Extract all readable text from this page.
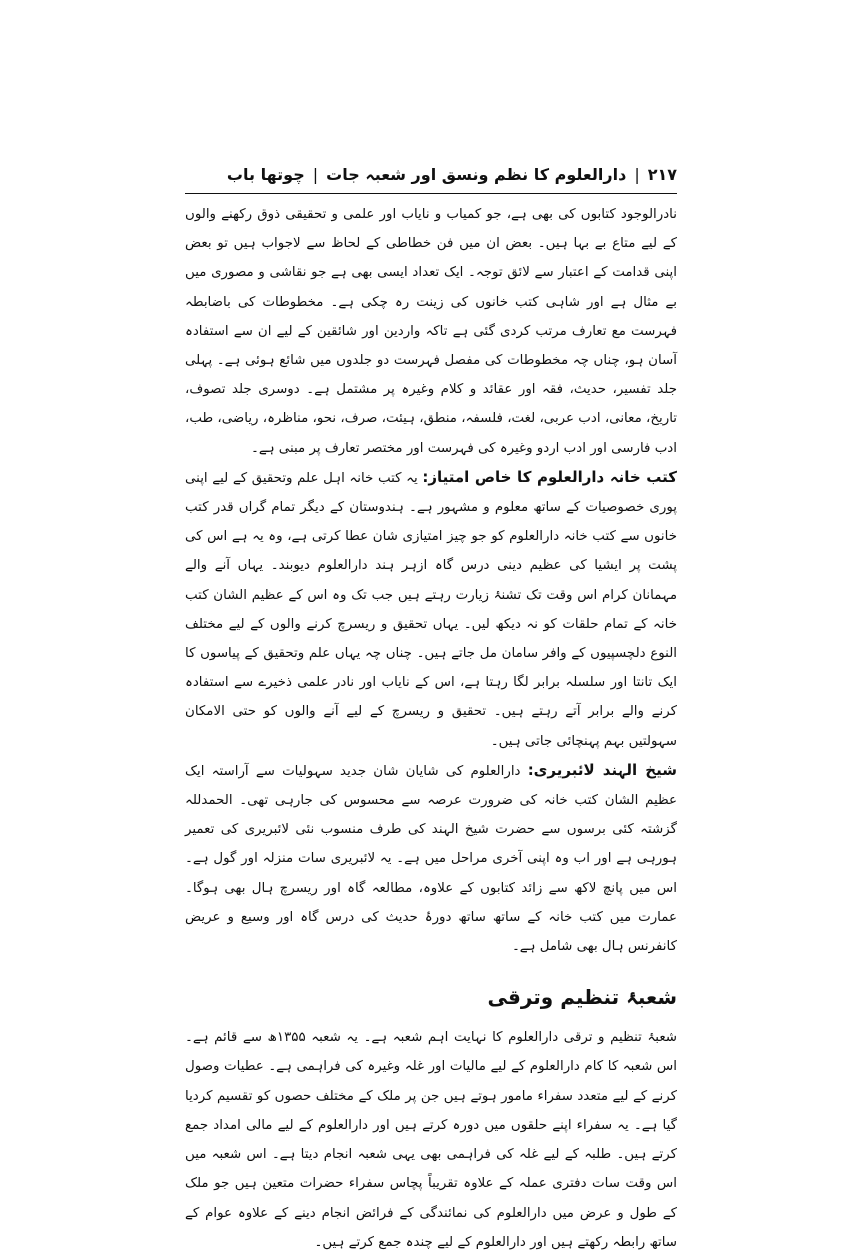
۲۱۷
|
دارالعلوم کا نظم ونسق اور شعبہ جات
|
چوتھا باب

نادرالوجود کتابوں کی بھی ہے، جو کمیاب و نایاب اور علمی و تحقیقی ذوق رکھنے والوں کے لیے متاع بے بہا ہیں۔ بعض ان میں فن خطاطی کے لحاظ سے لاجواب ہیں تو بعض اپنی قدامت کے اعتبار سے لائق توجہ۔ ایک تعداد ایسی بھی ہے جو نقاشی و مصوری میں بے مثال ہے اور شاہی کتب خانوں کی زینت رہ چکی ہے۔ مخطوطات کی باضابطہ فہرست مع تعارف مرتب کردی گئی ہے تاکہ واردین اور شائقین کے لیے ان سے استفادہ آسان ہو، چناں چہ مخطوطات کی مفصل فہرست دو جلدوں میں شائع ہوئی ہے۔ پہلی جلد تفسیر، حدیث، فقہ اور عقائد و کلام وغیرہ پر مشتمل ہے۔ دوسری جلد تصوف، تاریخ، معانی، ادب عربی، لغت، فلسفہ، منطق، ہیئت، صرف، نحو، مناظرہ، ریاضی، طب، ادب فارسی اور ادب اردو وغیرہ کی فہرست اور مختصر تعارف پر مبنی ہے۔

کتب خانہ دارالعلوم کا خاص امتیاز: یہ کتب خانہ اہل علم وتحقیق کے لیے اپنی پوری خصوصیات کے ساتھ معلوم و مشہور ہے۔ ہندوستان کے دیگر تمام گراں قدر کتب خانوں سے کتب خانہ دارالعلوم کو جو چیز امتیازی شان عطا کرتی ہے، وہ یہ ہے اس کی پشت پر ایشیا کی عظیم دینی درس گاہ ازہر ہند دارالعلوم دیوبند۔ یہاں آنے والے مہمانان کرام اس وقت تک تشنۂ زیارت رہتے ہیں جب تک وہ اس کے عظیم الشان کتب خانہ کے تمام حلقات کو نہ دیکھ لیں۔ یہاں تحقیق و ریسرچ کرنے والوں کے لیے مختلف النوع دلچسپیوں کے وافر سامان مل جاتے ہیں۔ چناں چہ یہاں علم وتحقیق کے پیاسوں کا ایک تانتا اور سلسلہ برابر لگا رہتا ہے، اس کے نایاب اور نادر علمی ذخیرے سے استفادہ کرنے والے برابر آتے رہتے ہیں۔ تحقیق و ریسرچ کے لیے آنے والوں کو حتی الامکان سہولتیں بہم پہنچائی جاتی ہیں۔

شیخ الہند لائبریری: دارالعلوم کی شایان شان جدید سہولیات سے آراستہ ایک عظیم الشان کتب خانہ کی ضرورت عرصہ سے محسوس کی جارہی تھی۔ الحمدللہ گزشتہ کئی برسوں سے حضرت شیخ الہند کی طرف منسوب نئی لائبریری کی تعمیر ہورہی ہے اور اب وہ اپنی آخری مراحل میں ہے۔ یہ لائبریری سات منزلہ اور گول ہے۔ اس میں پانچ لاکھ سے زائد کتابوں کے علاوہ، مطالعہ گاہ اور ریسرچ ہال بھی ہوگا۔ عمارت میں کتب خانہ کے ساتھ ساتھ دورۂ حدیث کی درس گاہ اور وسیع و عریض کانفرنس ہال بھی شامل ہے۔

شعبۂ تنظیم وترقی

شعبۂ تنظیم و ترقی دارالعلوم کا نہایت اہم شعبہ ہے۔ یہ شعبہ ۱۳۵۵ھ سے قائم ہے۔ اس شعبہ کا کام دارالعلوم کے لیے مالیات اور غلہ وغیرہ کی فراہمی ہے۔ عطیات وصول کرنے کے لیے متعدد سفراء مامور ہوتے ہیں جن پر ملک کے مختلف حصوں کو تقسیم کردیا گیا ہے۔ یہ سفراء اپنے حلقوں میں دورہ کرتے ہیں اور دارالعلوم کے لیے مالی امداد جمع کرتے ہیں۔ طلبہ کے لیے غلہ کی فراہمی بھی یہی شعبہ انجام دیتا ہے۔ اس شعبہ میں اس وقت سات دفتری عملہ کے علاوہ تقریباً پچاس سفراء حضرات متعین ہیں جو ملک کے طول و عرض میں دارالعلوم کی نمائندگی کے فرائض انجام دینے کے علاوہ عوام کے ساتھ رابطہ رکھتے ہیں اور دارالعلوم کے لیے چندہ جمع کرتے ہیں۔
